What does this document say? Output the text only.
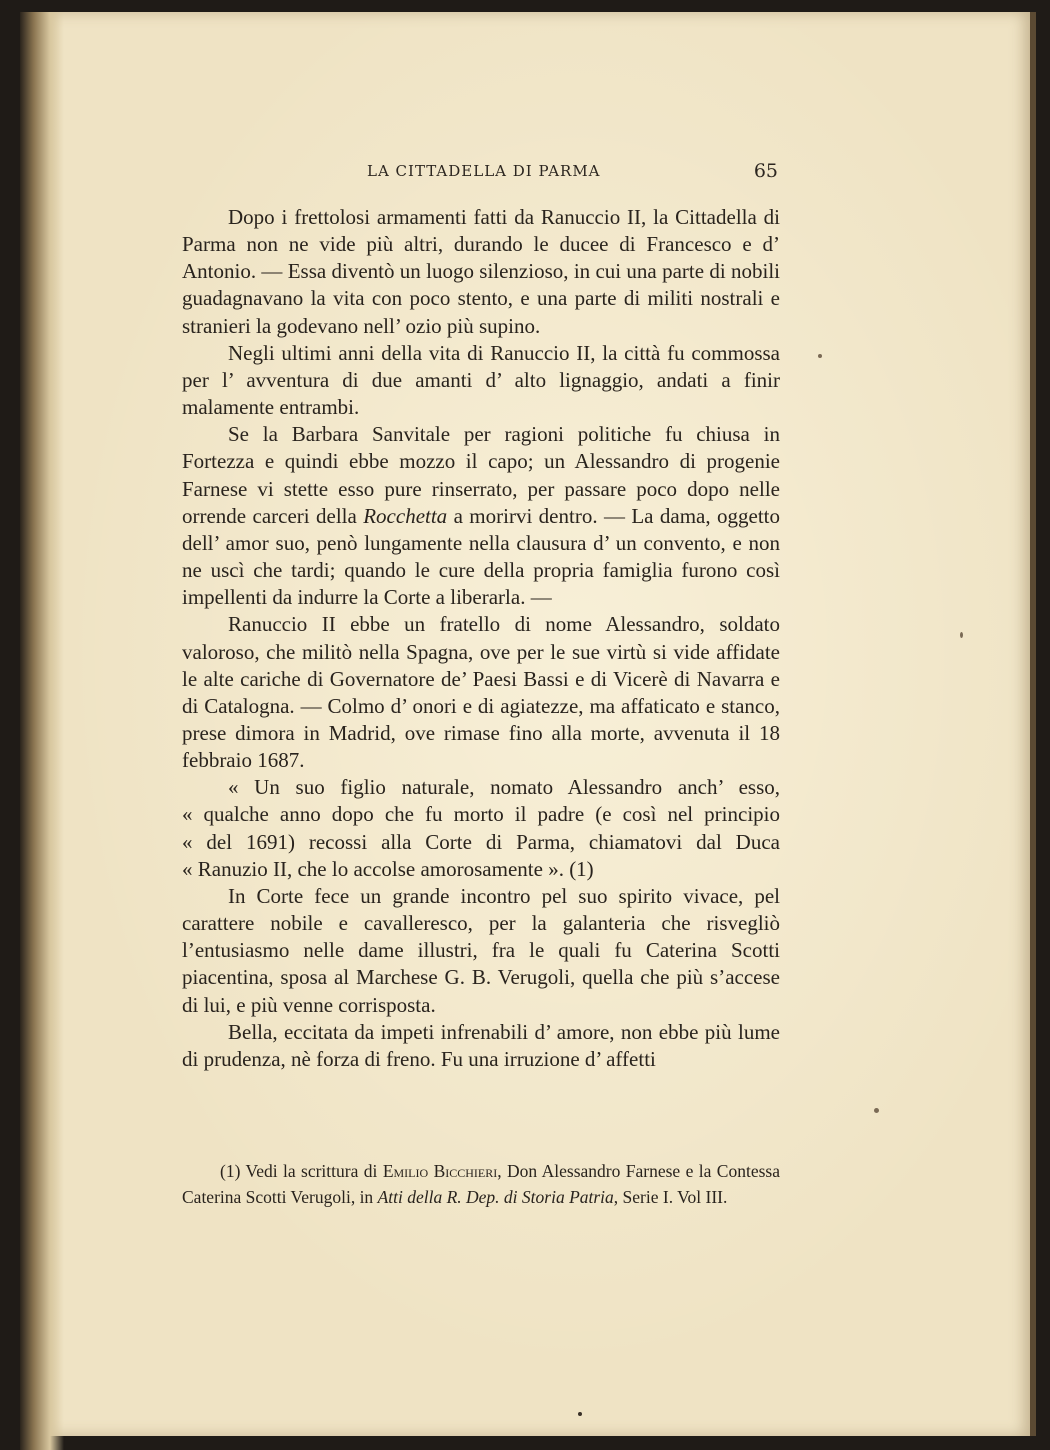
LA CITTADELLA DI PARMA	65

Dopo i frettolosi armamenti fatti da Ranuccio II, la Cittadella di Parma non ne vide più altri, durando le ducee di Francesco e d’ Antonio. — Essa diventò un luogo silenzioso, in cui una parte di nobili guadagnavano la vita con poco stento, e una parte di militi nostrali e stranieri la godevano nell’ ozio più supino.

Negli ultimi anni della vita di Ranuccio II, la città fu commossa per l’ avventura di due amanti d’ alto lignaggio, andati a finir malamente entrambi.

Se la Barbara Sanvitale per ragioni politiche fu chiusa in Fortezza e quindi ebbe mozzo il capo; un Alessandro di progenie Farnese vi stette esso pure rinserrato, per passare poco dopo nelle orrende carceri della Rocchetta a morirvi dentro. — La dama, oggetto dell’ amor suo, penò lungamente nella clausura d’ un convento, e non ne uscì che tardi; quando le cure della propria famiglia furono così impellenti da indurre la Corte a liberarla. —

Ranuccio II ebbe un fratello di nome Alessandro, soldato valoroso, che militò nella Spagna, ove per le sue virtù si vide affidate le alte cariche di Governatore de’ Paesi Bassi e di Vicerè di Navarra e di Catalogna. — Colmo d’ onori e di agiatezze, ma affaticato e stanco, prese dimora in Madrid, ove rimase fino alla morte, avvenuta il 18 febbraio 1687.

« Un suo figlio naturale, nomato Alessandro anch’ esso,
« qualche anno dopo che fu morto il padre (e così nel principio
« del 1691) recossi alla Corte di Parma, chiamatovi dal Duca
« Ranuzio II, che lo accolse amorosamente ». (1)

In Corte fece un grande incontro pel suo spirito vivace, pel carattere nobile e cavalleresco, per la galanteria che risvegliò l’entusiasmo nelle dame illustri, fra le quali fu Caterina Scotti piacentina, sposa al Marchese G. B. Verugoli, quella che più s’accese di lui, e più venne corrisposta.

Bella, eccitata da impeti infrenabili d’ amore, non ebbe più lume di prudenza, nè forza di freno. Fu una irruzione d’ affetti

(1) Vedi la scrittura di Emilio Bicchieri, Don Alessandro Farnese e la Contessa Caterina Scotti Verugoli, in Atti della R. Dep. di Storia Patria, Serie I. Vol III.
